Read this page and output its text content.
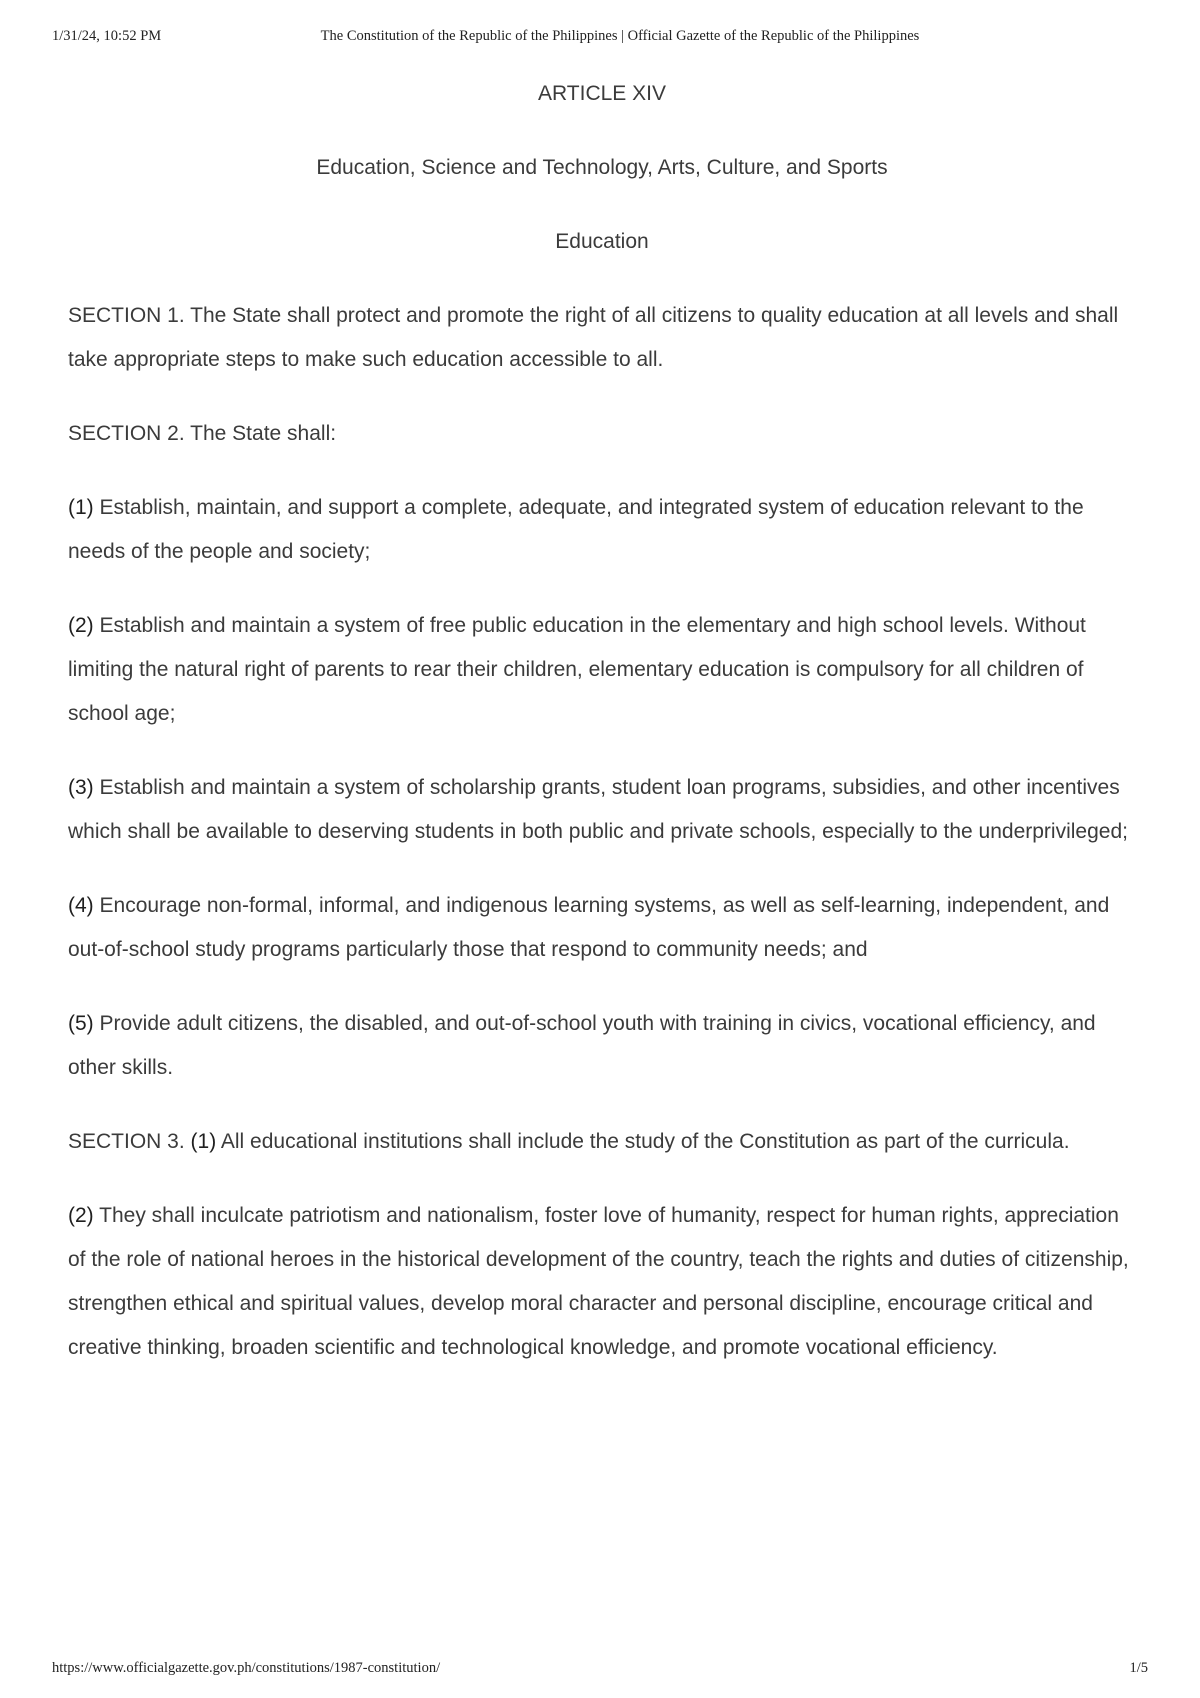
1/31/24, 10:52 PM	The Constitution of the Republic of the Philippines | Official Gazette of the Republic of the Philippines
ARTICLE XIV
Education, Science and Technology, Arts, Culture, and Sports
Education

SECTION 1. The State shall protect and promote the right of all citizens to quality education at all levels and shall take appropriate steps to make such education accessible to all.

SECTION 2. The State shall:

(1) Establish, maintain, and support a complete, adequate, and integrated system of education relevant to the needs of the people and society;

(2) Establish and maintain a system of free public education in the elementary and high school levels. Without limiting the natural right of parents to rear their children, elementary education is compulsory for all children of school age;

(3) Establish and maintain a system of scholarship grants, student loan programs, subsidies, and other incentives which shall be available to deserving students in both public and private schools, especially to the underprivileged;

(4) Encourage non-formal, informal, and indigenous learning systems, as well as self-learning, independent, and out-of-school study programs particularly those that respond to community needs; and

(5) Provide adult citizens, the disabled, and out-of-school youth with training in civics, vocational efficiency, and other skills.

SECTION 3. (1) All educational institutions shall include the study of the Constitution as part of the curricula.

(2) They shall inculcate patriotism and nationalism, foster love of humanity, respect for human rights, appreciation of the role of national heroes in the historical development of the country, teach the rights and duties of citizenship, strengthen ethical and spiritual values, develop moral character and personal discipline, encourage critical and creative thinking, broaden scientific and technological knowledge, and promote vocational efficiency.

https://www.officialgazette.gov.ph/constitutions/1987-constitution/	1/5
